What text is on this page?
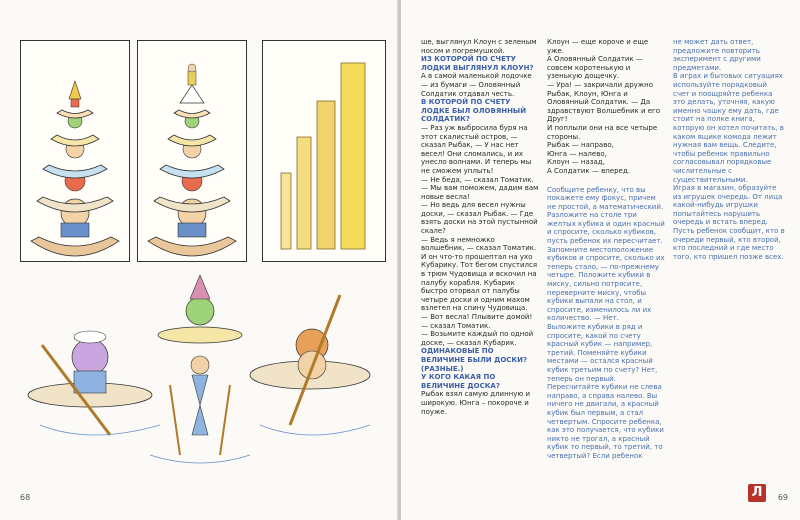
68

ше, выглянул Клоун с зеленым носом и погремушкой.

ИЗ КОТОРОЙ ПО СЧЕТУ ЛОДКИ ВЫГЛЯНУЛ КЛОУН?

А в самой маленькой лодочке — из бумаги — Оловянный Солдатик отдавал честь.

В КОТОРОЙ ПО СЧЕТУ ЛОДКЕ БЫЛ ОЛОВЯННЫЙ СОЛДАТИК?

— Раз уж выбросила буря на этот скалистый остров, — сказал Рыбак, — У нас нет весел! Они сломались, и их унесло волнами. И теперь мы не сможем уплыть!

— Не беда, — сказал Томатик. — Мы вам поможем, дадим вам новые весла!

— Но ведь для весел нужны доски, — сказал Рыбак. — Где взять доски на этой пустынной скале?

— Ведь я немножко волшебник, — сказал Томатик.

И он что-то прошептал на ухо Кубарику. Тот бегом спустился в трюм Чудовища и вскочил на палубу корабля. Кубарик быстро оторвал от палубы четыре доски и одним махом взлетел на спину Чудовища.

— Вот весла! Плывите домой! — сказал Томатик.

— Возьмите каждый по одной доске, — сказал Кубарик.

ОДИНАКОВЫЕ ПО ВЕЛИЧИНЕ БЫЛИ ДОСКИ? (РАЗНЫЕ.)

У КОГО КАКАЯ ПО ВЕЛИЧИНЕ ДОСКА?

Рыбак взял самую длинную и широкую. Юнга – покороче и поуже.

Клоун — еще короче и еще уже.

А Оловянный Солдатик — совсем коротенькую и узенькую дощечку.

— Ура! — закричали дружно Рыбак, Клоун, Юнга и Оловянный Солдатик. — Да здравствуют Волшебник и его Друг!

И поплыли они на все четыре стороны.

Рыбак — направо,

Юнга — налево,

Клоун — назад,

А Солдатик — вперед.

Сообщите ребенку, что вы покажете ему фокус, причем не простой, а математический. Разложите на столе три желтых кубика и один красный и спросите, сколько кубиков, пусть ребенок их пересчитает.

Запомните местоположение кубиков и спросите, сколько их теперь стало, — по-прежнему четыре. Положите кубики в миску, сильно потрясите, переверните миску, чтобы кубики выпали на стол, и спросите, изменилось ли их количество. — Нет.

Выложите кубики в ряд и спросите, какой по счету красный кубик — например, третий. Поменяйте кубики местами — остался красный кубик третьим по счету? Нет, теперь он первый. Пересчитайте кубики не слева направо, а справа налево. Вы ничего не двигали, а красный кубик был первым, а стал четвертым. Спросите ребенка, как это получается, что кубики никто не трогал, а красный кубик то первый, то третий, то четвертый? Если ребенок

не может дать ответ, предложите повторить эксперимент с другими предметами.

В играх и бытовых ситуациях используйте порядковый счет и поощряйте ребенка это делать, уточняя, какую именно чашку ему дать, где стоит на полке книга, которую он хотел почитать, в каком ящике комода лежит нужная вам вещь. Следите, чтобы ребенок правильно согласовывал порядковые числительные с существительными.

Играя в магазин, образуйте из игрушек очередь. От лица какой-нибудь игрушки попытайтесь нарушить очередь и встать вперед. Пусть ребенок сообщит, кто в очереди первый, кто второй, кто последний и где место того, кто пришел позже всех.

Л	69
